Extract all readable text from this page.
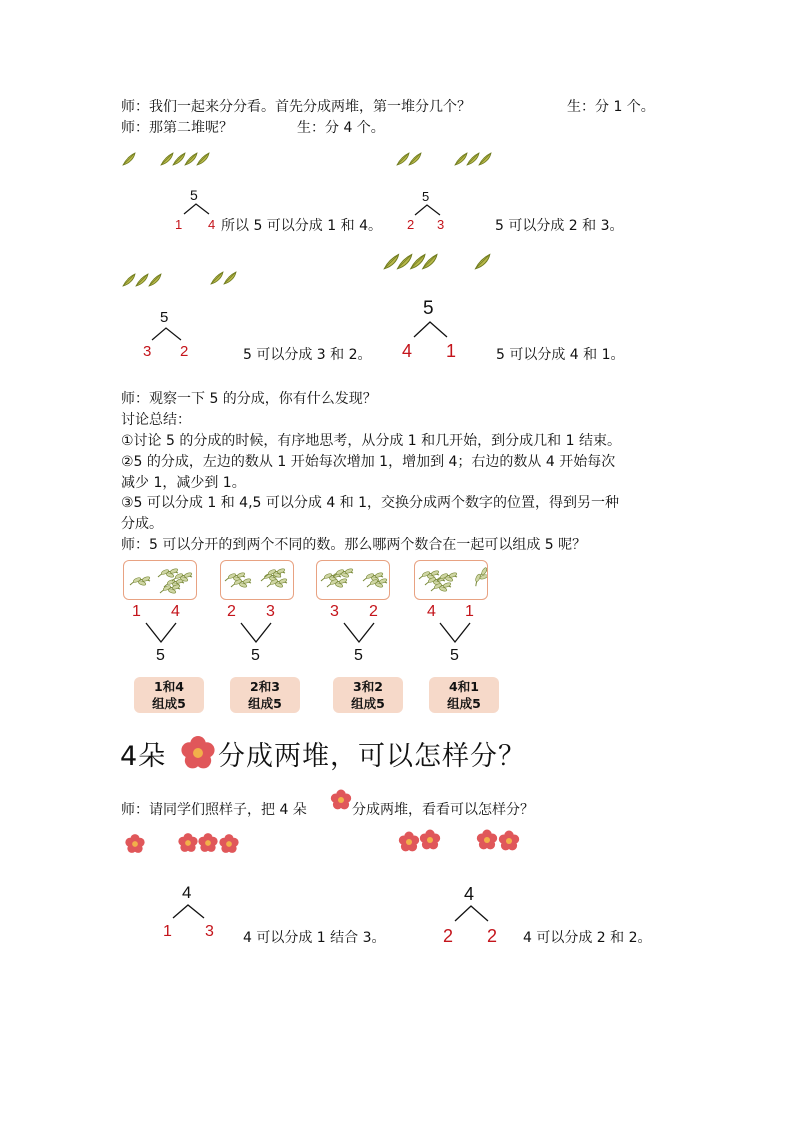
师：我们一起来分分看。首先分成两堆，第一堆分几个？	生：分 1 个。
师：那第二堆呢？	生：分 4 个。
5
1 4 所以 5 可以分成 1 和 4。
5
2 3	5 可以分成 2 和 3。
5
3 2	5 可以分成 3 和 2。
5
4 1	5 可以分成 4 和 1。
师：观察一下 5 的分成，你有什么发现？
讨论总结：
①讨论 5 的分成的时候，有序地思考，从分成 1 和几开始，到分成几和 1 结束。
②5 的分成，左边的数从 1 开始每次增加 1，增加到 4；右边的数从 4 开始每次
减少 1，减少到 1。
③5 可以分成 1 和 4,5 可以分成 4 和 1，交换分成两个数字的位置，得到另一种
分成。
师：5 可以分开的到两个不同的数。那么哪两个数合在一起可以组成 5 呢？
1 4
5
2 3
5
3 2
5
4 1
5
1和4
组成5
2和3
组成5
3和2
组成5
4和1
组成5
4朵 分成两堆，可以怎样分？
师：请同学们照样子，把 4 朵	分成两堆，看看可以怎样分？
4
1 3 4 可以分成 1 结合 3。
4
2 2 4 可以分成 2 和 2。
